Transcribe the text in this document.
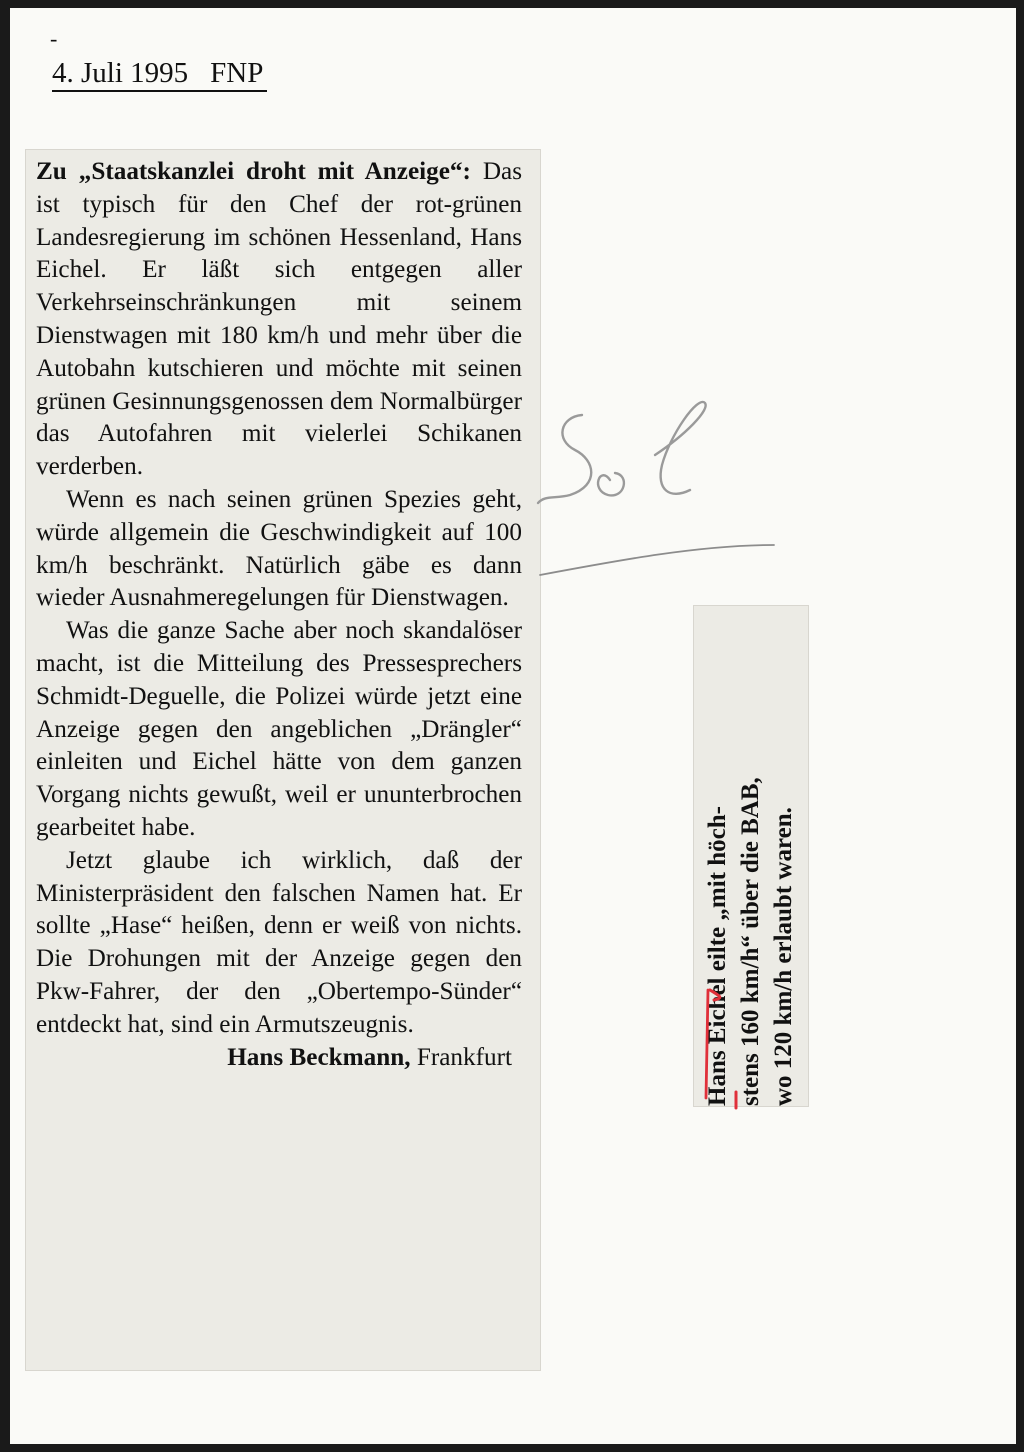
-
4. Juli 1995 FNP

Zu „Staatskanzlei droht mit Anzeige“: Das ist typisch für den Chef der rot-grünen Landesregierung im schönen Hessenland, Hans Eichel. Er läßt sich entgegen aller Verkehrseinschränkungen mit seinem Dienstwagen mit 180 km/h und mehr über die Autobahn kutschieren und möchte mit seinen grünen Gesinnungsgenossen dem Normalbürger das Autofahren mit vielerlei Schikanen verderben.

Wenn es nach seinen grünen Spezies geht, würde allgemein die Geschwindigkeit auf 100 km/h beschränkt. Natürlich gäbe es dann wieder Ausnahmeregelungen für Dienstwagen.

Was die ganze Sache aber noch skandalöser macht, ist die Mitteilung des Pressesprechers Schmidt-Deguelle, die Polizei würde jetzt eine Anzeige gegen den angeblichen „Drängler“ einleiten und Eichel hätte von dem ganzen Vorgang nichts gewußt, weil er ununterbrochen gearbeitet habe.

Jetzt glaube ich wirklich, daß der Ministerpräsident den falschen Namen hat. Er sollte „Hase“ heißen, denn er weiß von nichts. Die Drohungen mit der Anzeige gegen den Pkw-Fahrer, der den „Obertempo-Sünder“ entdeckt hat, sind ein Armutszeugnis.

Hans Beckmann, Frankfurt	Hans Eichel eilte „mit höch- stens 160 km/h“ über die BAB, wo 120 km/h erlaubt waren.
